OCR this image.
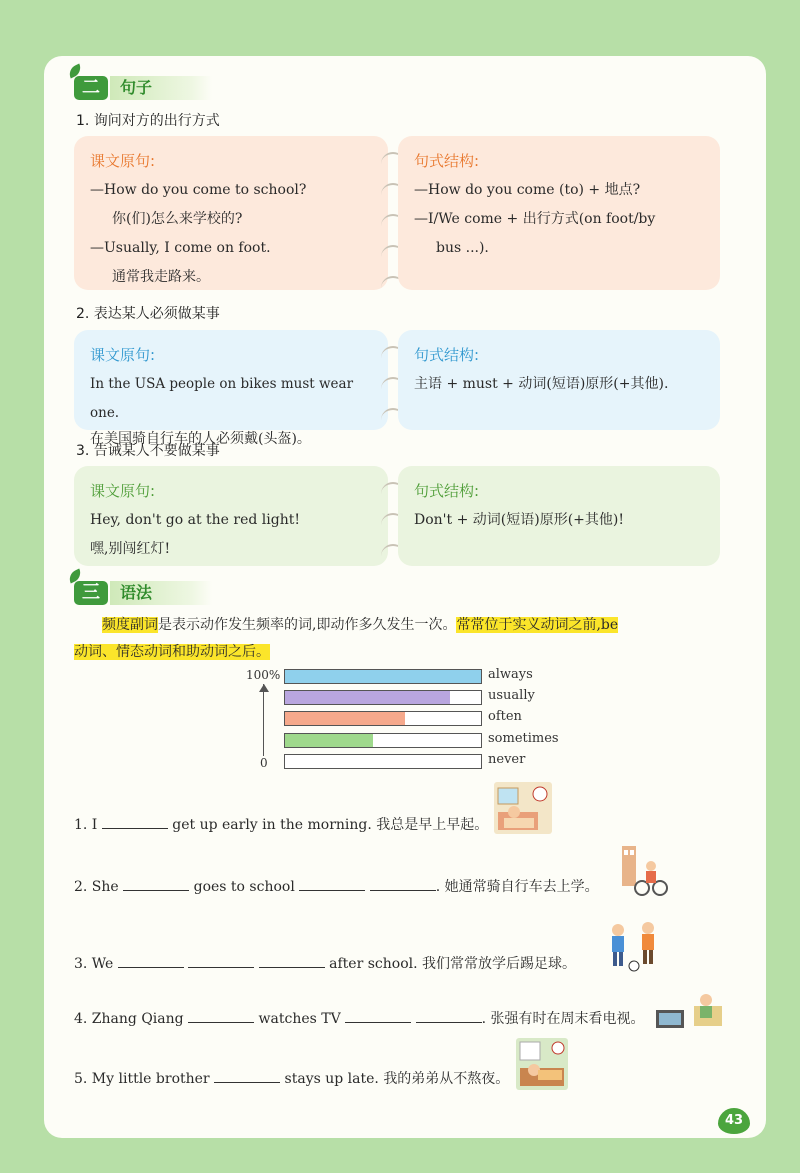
二	句子
1. 询问对方的出行方式
课文原句:
—How do you come to school?
你(们)怎么来学校的?
—Usually, I come on foot.
通常我走路来。
句式结构:
—How do you come (to) + 地点?
—I/We come + 出行方式(on foot/by
bus ...).
2. 表达某人必须做某事
课文原句:
In the USA people on bikes must wear one.
在美国骑自行车的人必须戴(头盔)。
句式结构:
主语 + must + 动词(短语)原形(+其他).
3. 告诫某人不要做某事
课文原句:
Hey, don't go at the red light!
嘿,别闯红灯!
句式结构:
Don't + 动词(短语)原形(+其他)!
三	语法
频度副词是表示动作发生频率的词,即动作多久发生一次。常常位于实义动词之前,be
动词、情态动词和助动词之后。
100%
0
always
usually
often
sometimes
never
1. I	get up early in the morning. 我总是早上早起。
2. She	goes to school	. 她通常骑自行车去上学。
3. We	after school. 我们常常放学后踢足球。
4. Zhang Qiang	watches TV	. 张强有时在周末看电视。
5. My little brother	stays up late. 我的弟弟从不熬夜。
43
